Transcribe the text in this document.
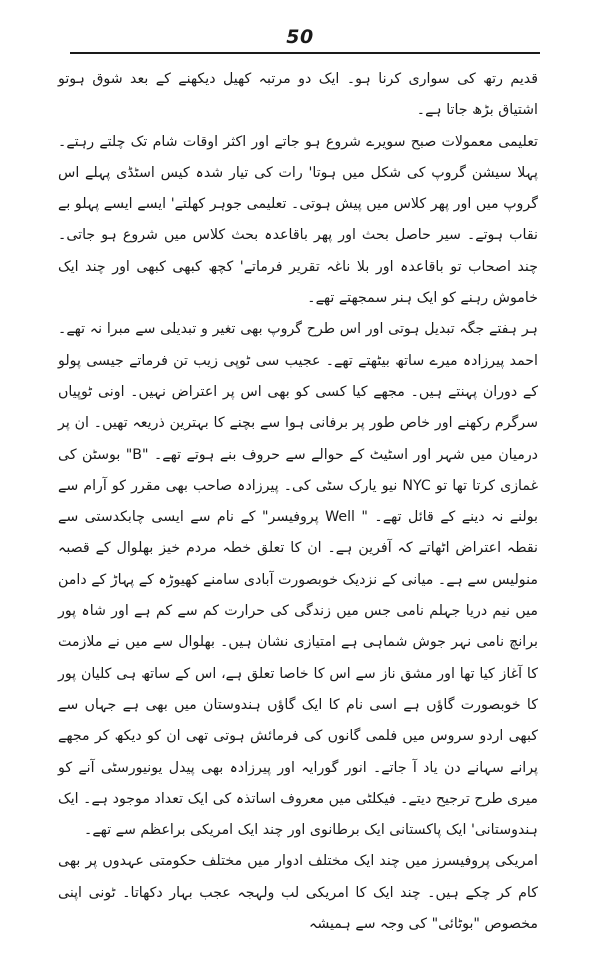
50

قدیم رتھ کی سواری کرنا ہو۔ ایک دو مرتبہ کھیل دیکھنے کے بعد شوق ہوتو اشتیاق بڑھ جاتا ہے۔

تعلیمی معمولات صبح سویرے شروع ہو جاتے اور اکثر اوقات شام تک چلتے رہتے۔ پہلا سیشن گروپ کی شکل میں ہوتا' رات کی تیار شدہ کیس اسٹڈی پہلے اس گروپ میں اور پھر کلاس میں پیش ہوتی۔ تعلیمی جوہر کھلتے' ایسے ایسے پہلو بے نقاب ہوتے۔ سیر حاصل بحث اور پھر باقاعدہ بحث کلاس میں شروع ہو جاتی۔ چند اصحاب تو باقاعدہ اور بلا ناغہ تقریر فرماتے' کچھ کبھی کبھی اور چند ایک خاموش رہنے کو ایک ہنر سمجھتے تھے۔

ہر ہفتے جگہ تبدیل ہوتی اور اس طرح گروپ بھی تغیر و تبدیلی سے مبرا نہ تھے۔ احمد پیرزادہ میرے ساتھ بیٹھتے تھے۔ عجیب سی ٹوپی زیب تن فرماتے جیسی پولو کے دوران پہنتے ہیں۔ مجھے کیا کسی کو بھی اس پر اعتراض نہیں۔ اونی ٹوپیاں سرگرم رکھنے اور خاص طور پر برفانی ہوا سے بچنے کا بہترین ذریعہ تھیں۔ ان پر درمیان میں شہر اور اسٹیٹ کے حوالے سے حروف بنے ہوتے تھے۔ "B" بوسٹن کی غمازی کرتا تھا تو NYC نیو یارک سٹی کی۔ پیرزادہ صاحب بھی مقرر کو آرام سے بولنے نہ دینے کے قائل تھے۔ " Well پروفیسر" کے نام سے ایسی چابکدستی سے نقطہ اعتراض اٹھاتے کہ آفرین ہے۔ ان کا تعلق خطہ مردم خیز بھلوال کے قصبہ منولیس سے ہے۔ میانی کے نزدیک خوبصورت آبادی سامنے کھیوڑہ کے پہاڑ کے دامن میں نیم دریا جہلم نامی جس میں زندگی کی حرارت کم سے کم ہے اور شاہ پور برانچ نامی نہر جوش شماہی ہے امتیازی نشان ہیں۔ بھلوال سے میں نے ملازمت کا آغاز کیا تھا اور مشق ناز سے اس کا خاصا تعلق ہے، اس کے ساتھ ہی کلیان پور کا خوبصورت گاؤں ہے اسی نام کا ایک گاؤں ہندوستان میں بھی ہے جہاں سے کبھی اردو سروس میں فلمی گانوں کی فرمائش ہوتی تھی ان کو دیکھ کر مجھے پرانے سہانے دن یاد آ جاتے۔ انور گورایہ اور پیرزادہ بھی پیدل یونیورسٹی آنے کو میری طرح ترجیح دیتے۔ فیکلٹی میں معروف اساتذہ کی ایک تعداد موجود ہے۔ ایک ہندوستانی' ایک پاکستانی ایک برطانوی اور چند ایک امریکی براعظم سے تھے۔

امریکی پروفیسرز میں چند ایک مختلف ادوار میں مختلف حکومتی عہدوں پر بھی کام کر چکے ہیں۔ چند ایک کا امریکی لب ولہجہ عجب بہار دکھاتا۔ ٹونی اپنی مخصوص "بوٹائی" کی وجہ سے ہمیشہ
